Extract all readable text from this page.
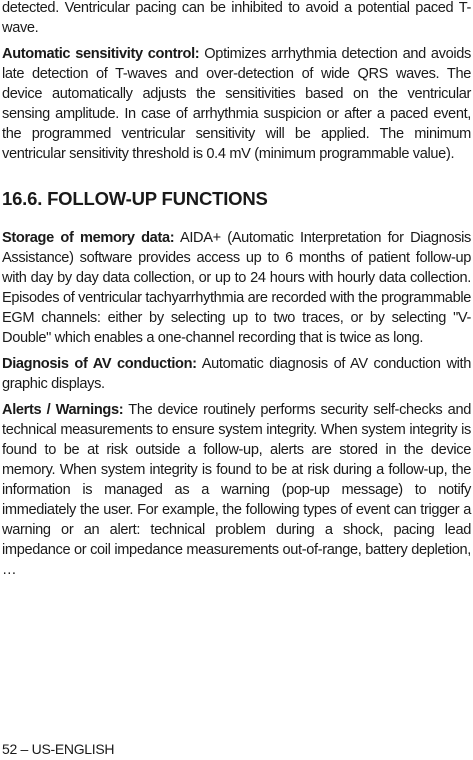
detected. Ventricular pacing can be inhibited to avoid a potential paced T-wave.

Automatic sensitivity control: Optimizes arrhythmia detection and avoids late detection of T-waves and over-detection of wide QRS waves. The device automatically adjusts the sensitivities based on the ventricular sensing amplitude. In case of arrhythmia suspicion or after a paced event, the programmed ventricular sensitivity will be applied. The minimum ventricular sensitivity threshold is 0.4 mV (minimum programmable value).

16.6. FOLLOW-UP FUNCTIONS

Storage of memory data: AIDA+ (Automatic Interpretation for Diagnosis Assistance) software provides access up to 6 months of patient follow-up with day by day data collection, or up to 24 hours with hourly data collection. Episodes of ventricular tachyarrhythmia are recorded with the programmable EGM channels: either by selecting up to two traces, or by selecting "V-Double" which enables a one-channel recording that is twice as long.

Diagnosis of AV conduction: Automatic diagnosis of AV conduction with graphic displays.

Alerts / Warnings: The device routinely performs security self-checks and technical measurements to ensure system integrity. When system integrity is found to be at risk outside a follow-up, alerts are stored in the device memory. When system integrity is found to be at risk during a follow-up, the information is managed as a warning (pop-up message) to notify immediately the user. For example, the following types of event can trigger a warning or an alert: technical problem during a shock, pacing lead impedance or coil impedance measurements out-of-range, battery depletion, …

52 – US-ENGLISH
